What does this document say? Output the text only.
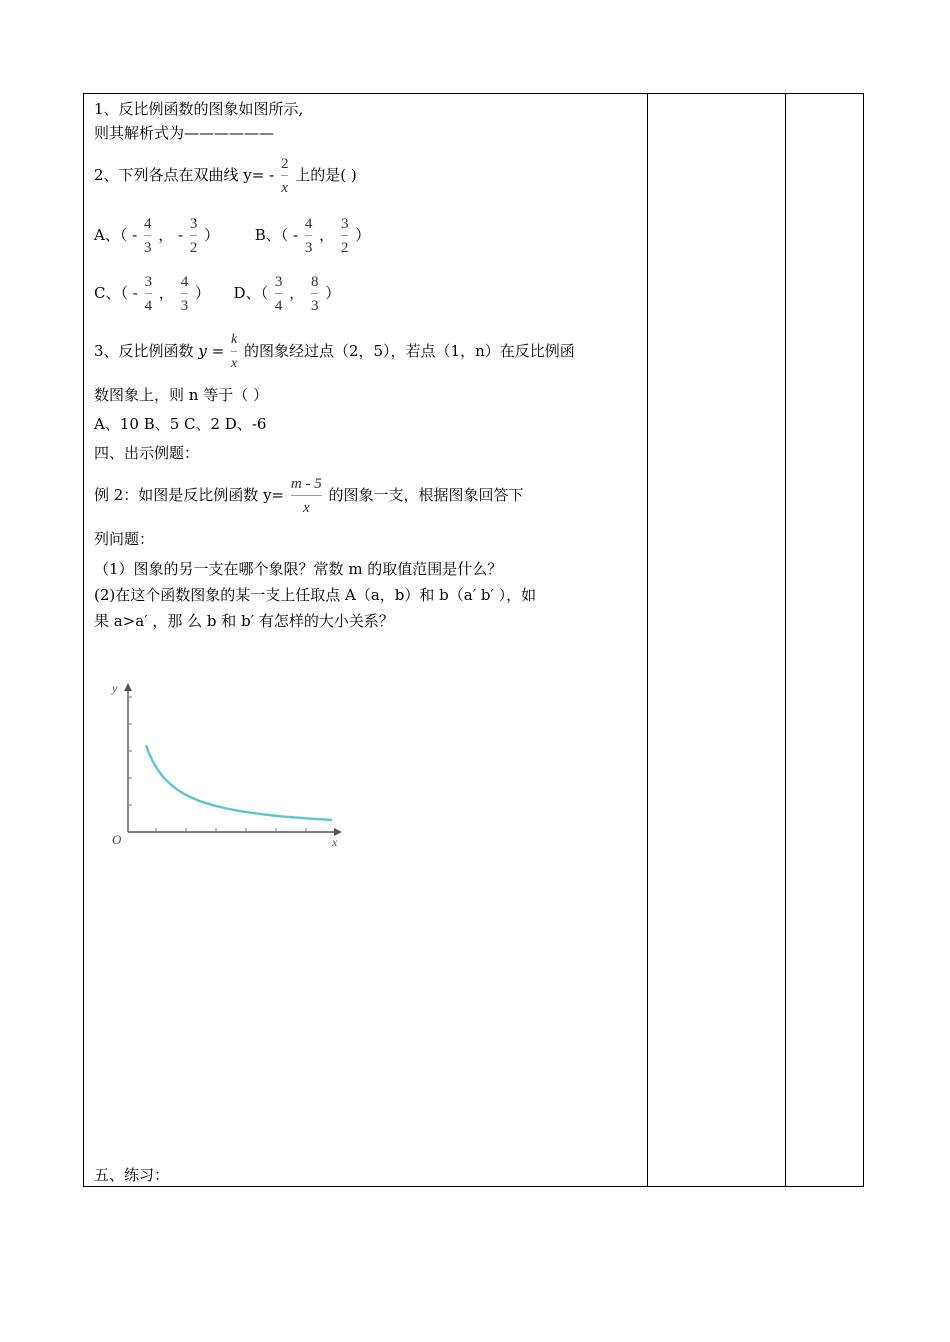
1、反比例函数的图象如图所示,
则其解析式为——————
2、下列各点在双曲线 $y= - \frac{2}{x}$ 上的是( )
A、（ - $\frac{4}{3}$ ， - $\frac{3}{2}$ ） B、（ - $\frac{4}{3}$ ， $\frac{3}{2}$ ）
C、（ - $\frac{3}{4}$ ， $\frac{4}{3}$ ） D、（ $\frac{3}{4}$ ， $\frac{8}{3}$ ）
3、反比例函数 $y = \frac{k}{x}$ 的图象经过点（2，5），若点（1，n）在反比例函
数图象上，则 n 等于（ ）
A、10 B、5 C、2 D、-6
四、出示例题：
例 2：如图是反比例函数 $y= \frac{m - 5}{x}$ 的图象一支，根据图象回答下
列问题：
（1）图象的另一支在哪个象限？常数 m 的取值范围是什么？
(2)在这个函数图象的某一支上任取点 A（a，b）和 b（a′ b′ ），如
果 a>a′ ，那 么 b 和 b′ 有怎样的大小关系？
y
x
O
五、练习：
